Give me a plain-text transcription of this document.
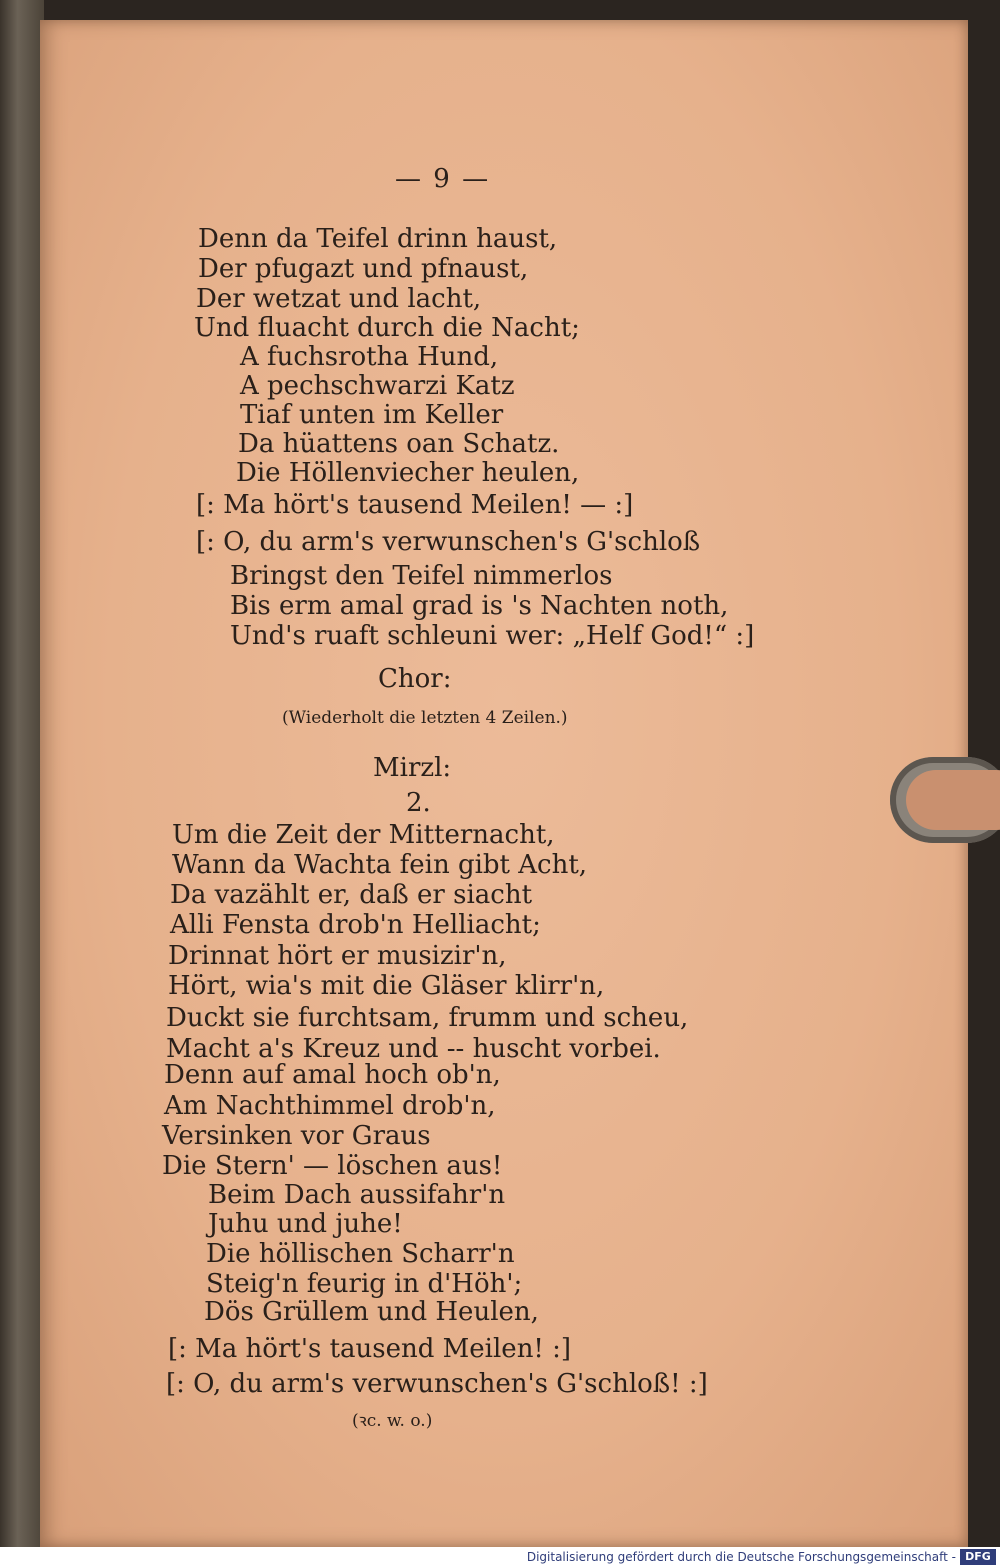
— 9 —
Denn da Teifel drinn haust,
Der pfugazt und pfnaust,
Der wetzat und lacht,
Und fluacht durch die Nacht;
A fuchsrotha Hund,
A pechschwarzi Katz
Tiaf unten im Keller
Da hüattens oan Schatz.
Die Höllenviecher heulen,
[: Ma hört's tausend Meilen! — :]
[: O, du arm's verwunschen's G'schloß
Bringst den Teifel nimmerlos
Bis erm amal grad is 's Nachten noth,
Und's ruaft schleuni wer: „Helf God!“ :]
Chor:
(Wiederholt die letzten 4 Zeilen.)
Mirzl:
2.
Um die Zeit der Mitternacht,
Wann da Wachta fein gibt Acht,
Da vazählt er, daß er siacht
Alli Fensta drob'n Helliacht;
Drinnat hört er musizir'n,
Hört, wia's mit die Gläser klirr'n,
Duckt sie furchtsam, frumm und scheu,
Macht a's Kreuz und -- huscht vorbei.
Denn auf amal hoch ob'n,
Am Nachthimmel drob'n,
Versinken vor Graus
Die Stern' — löschen aus!
Beim Dach aussifahr'n
Juhu und juhe!
Die höllischen Scharr'n
Steig'n feurig in d'Höh';
Dös Grüllem und Heulen,
[: Ma hört's tausend Meilen! :]
[: O, du arm's verwunschen's G'schloß! :]
(ꝛc. w. o.)
Digitalisierung gefördert durch die Deutsche Forschungsgemeinschaft - DFG
